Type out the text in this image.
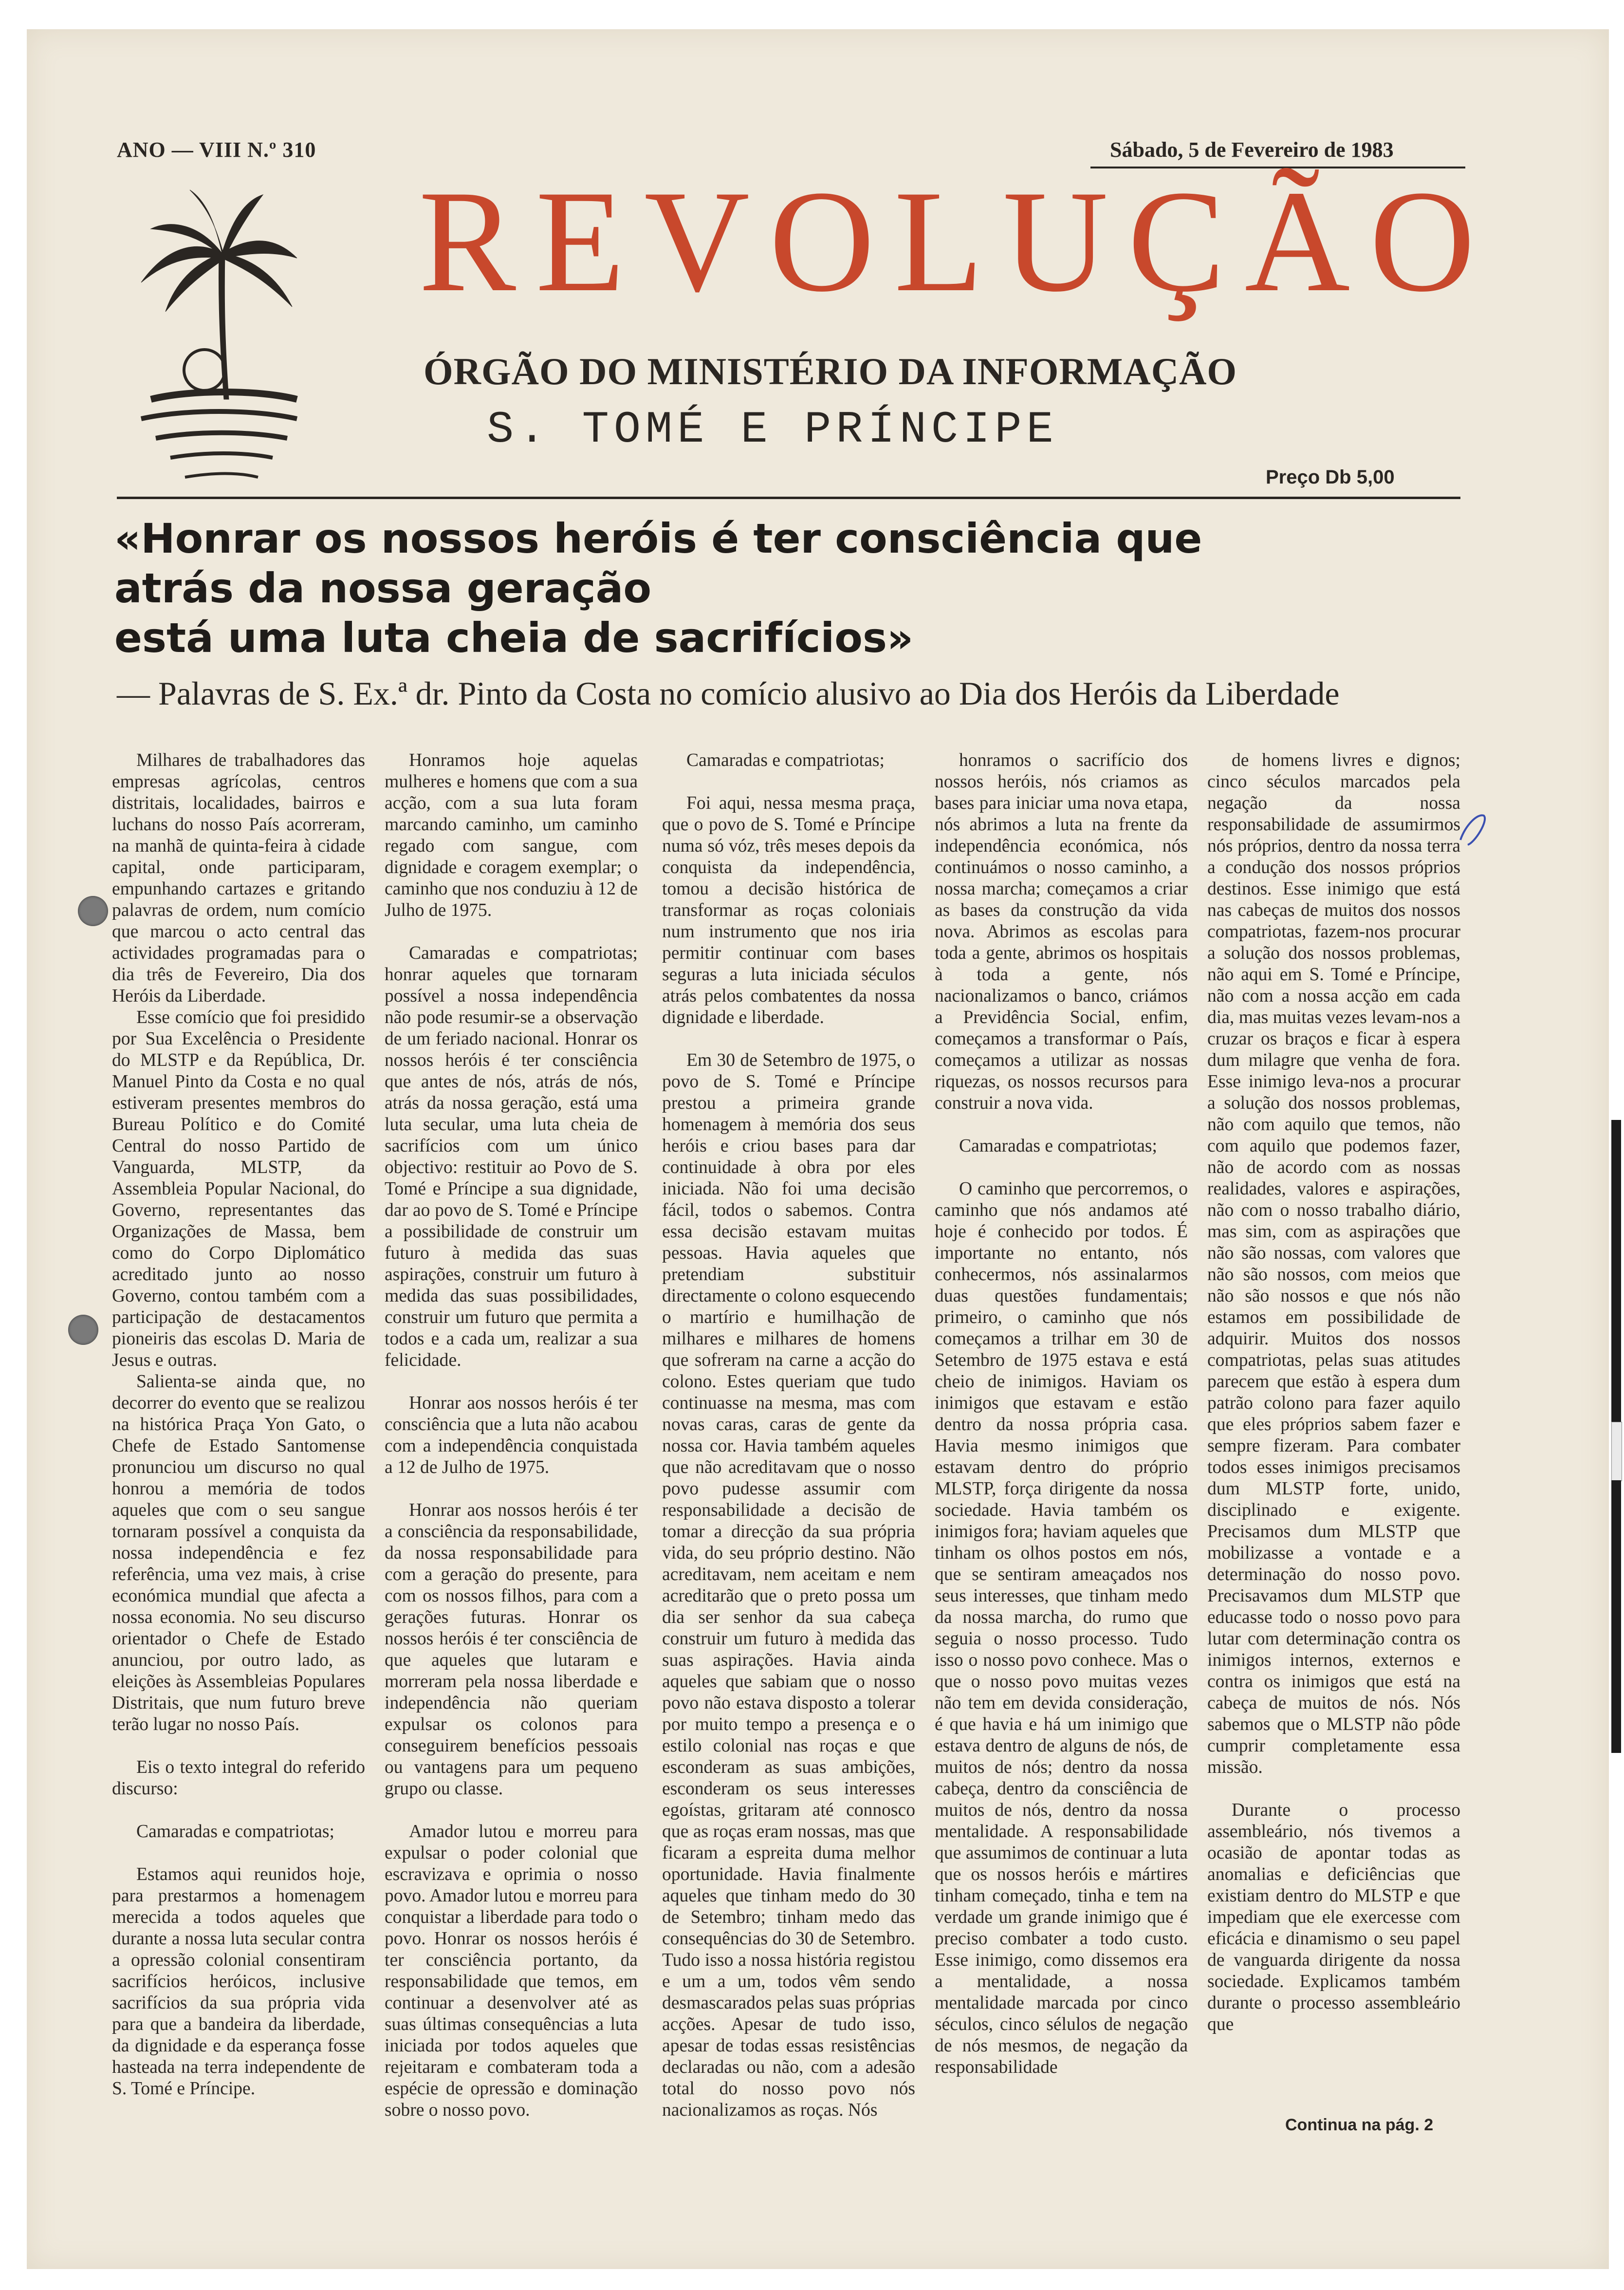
ANO — VIII N.º 310	Sábado, 5 de Fevereiro de 1983
REVOLUÇÃO
ÓRGÃO DO MINISTÉRIO DA INFORMAÇÃO
S. TOMÉ E PRÍNCIPE
Preço Db 5,00
«Honrar os nossos heróis é ter consciência que
atrás da nossa geração
está uma luta cheia de sacrifícios»
— Palavras de S. Ex.ª dr. Pinto da Costa no comício alusivo ao Dia dos Heróis da Liberdade

Milhares de trabalhadores das empresas agrícolas, centros distritais, localidades, bairros e luchans do nosso País acorreram, na manhã de quinta-feira à cidade capital, onde participaram, empunhando cartazes e gritando palavras de ordem, num comício que marcou o acto central das actividades programadas para o dia três de Fevereiro, Dia dos Heróis da Liberdade.

Esse comício que foi presidido por Sua Excelência o Presidente do MLSTP e da República, Dr. Manuel Pinto da Costa e no qual estiveram presentes membros do Bureau Político e do Comité Central do nosso Partido de Vanguarda, MLSTP, da Assembleia Popular Nacional, do Governo, representantes das Organizações de Massa, bem como do Corpo Diplomático acreditado junto ao nosso Governo, contou também com a participação de destacamentos pioneiris das escolas D. Maria de Jesus e outras.

Salienta-se ainda que, no decorrer do evento que se realizou na histórica Praça Yon Gato, o Chefe de Estado Santomense pronunciou um discurso no qual honrou a memória de todos aqueles que com o seu sangue tornaram possível a conquista da nossa independência e fez referência, uma vez mais, à crise económica mundial que afecta a nossa economia. No seu discurso orientador o Chefe de Estado anunciou, por outro lado, as eleições às Assembleias Populares Distritais, que num futuro breve terão lugar no nosso País.

Eis o texto integral do referido discurso:

Camaradas e compatriotas;

Estamos aqui reunidos hoje, para prestarmos a homenagem merecida a todos aqueles que durante a nossa luta secular contra a opressão colonial consentiram sacrifícios heróicos, inclusive sacrifícios da sua própria vida para que a bandeira da liberdade, da dignidade e da esperança fosse hasteada na terra independente de S. Tomé e Príncipe.

Honramos hoje aquelas mulheres e homens que com a sua acção, com a sua luta foram marcando caminho, um caminho regado com sangue, com dignidade e coragem exemplar; o caminho que nos conduziu à 12 de Julho de 1975.

Camaradas e compatriotas; honrar aqueles que tornaram possível a nossa independência não pode resumir-se a observação de um feriado nacional. Honrar os nossos heróis é ter consciência que antes de nós, atrás de nós, atrás da nossa geração, está uma luta secular, uma luta cheia de sacrifícios com um único objectivo: restituir ao Povo de S. Tomé e Príncipe a sua dignidade, dar ao povo de S. Tomé e Príncipe a possibilidade de construir um futuro à medida das suas aspirações, construir um futuro à medida das suas possibilidades, construir um futuro que permita a todos e a cada um, realizar a sua felicidade.

Honrar aos nossos heróis é ter consciência que a luta não acabou com a independência conquistada a 12 de Julho de 1975.

Honrar aos nossos heróis é ter a consciência da responsabilidade, da nossa responsabilidade para com a geração do presente, para com os nossos filhos, para com a gerações futuras. Honrar os nossos heróis é ter consciência de que aqueles que lutaram e morreram pela nossa liberdade e independência não queriam expulsar os colonos para conseguirem benefícios pessoais ou vantagens para um pequeno grupo ou classe.

Amador lutou e morreu para expulsar o poder colonial que escravizava e oprimia o nosso povo. Amador lutou e morreu para conquistar a liberdade para todo o povo. Honrar os nossos heróis é ter consciência portanto, da responsabilidade que temos, em continuar a desenvolver até as suas últimas consequências a luta iniciada por todos aqueles que rejeitaram e combateram toda a espécie de opressão e dominação sobre o nosso povo.

Camaradas e compatriotas;

Foi aqui, nessa mesma praça, que o povo de S. Tomé e Príncipe numa só vóz, três meses depois da conquista da independência, tomou a decisão histórica de transformar as roças coloniais num instrumento que nos iria permitir continuar com bases seguras a luta iniciada séculos atrás pelos combatentes da nossa dignidade e liberdade.

Em 30 de Setembro de 1975, o povo de S. Tomé e Príncipe prestou a primeira grande homenagem à memória dos seus heróis e criou bases para dar continuidade à obra por eles iniciada. Não foi uma decisão fácil, todos o sabemos. Contra essa decisão estavam muitas pessoas. Havia aqueles que pretendiam substituir directamente o colono esquecendo o martírio e humilhação de milhares e milhares de homens que sofreram na carne a acção do colono. Estes queriam que tudo continuasse na mesma, mas com novas caras, caras de gente da nossa cor. Havia também aqueles que não acreditavam que o nosso povo pudesse assumir com responsabilidade a decisão de tomar a direcção da sua própria vida, do seu próprio destino. Não acreditavam, nem aceitam e nem acreditarão que o preto possa um dia ser senhor da sua cabeça construir um futuro à medida das suas aspirações. Havia ainda aqueles que sabiam que o nosso povo não estava disposto a tolerar por muito tempo a presença e o estilo colonial nas roças e que esconderam as suas ambições, esconderam os seus interesses egoístas, gritaram até connosco que as roças eram nossas, mas que ficaram a espreita duma melhor oportunidade. Havia finalmente aqueles que tinham medo do 30 de Setembro; tinham medo das consequências do 30 de Setembro. Tudo isso a nossa história registou e um a um, todos vêm sendo desmascarados pelas suas próprias acções. Apesar de tudo isso, apesar de todas essas resistências declaradas ou não, com a adesão total do nosso povo nós nacionalizamos as roças. Nós

honramos o sacrifício dos nossos heróis, nós criamos as bases para iniciar uma nova etapa, nós abrimos a luta na frente da independência económica, nós continuámos o nosso caminho, a nossa marcha; começamos a criar as bases da construção da vida nova. Abrimos as escolas para toda a gente, abrimos os hospitais à toda a gente, nós nacionalizamos o banco, criámos a Previdência Social, enfim, começamos a transformar o País, começamos a utilizar as nossas riquezas, os nossos recursos para construir a nova vida.

Camaradas e compatriotas;

O caminho que percorremos, o caminho que nós andamos até hoje é conhecido por todos. É importante no entanto, nós conhecermos, nós assinalarmos duas questões fundamentais; primeiro, o caminho que nós começamos a trilhar em 30 de Setembro de 1975 estava e está cheio de inimigos. Haviam os inimigos que estavam e estão dentro da nossa própria casa. Havia mesmo inimigos que estavam dentro do próprio MLSTP, força dirigente da nossa sociedade. Havia também os inimigos fora; haviam aqueles que tinham os olhos postos em nós, que se sentiram ameaçados nos seus interesses, que tinham medo da nossa marcha, do rumo que seguia o nosso processo. Tudo isso o nosso povo conhece. Mas o que o nosso povo muitas vezes não tem em devida consideração, é que havia e há um inimigo que estava dentro de alguns de nós, de muitos de nós; dentro da nossa cabeça, dentro da consciência de muitos de nós, dentro da nossa mentalidade. A responsabilidade que assumimos de continuar a luta que os nossos heróis e mártires tinham começado, tinha e tem na verdade um grande inimigo que é preciso combater a todo custo. Esse inimigo, como dissemos era a mentalidade, a nossa mentalidade marcada por cinco séculos, cinco sélulos de negação de nós mesmos, de negação da responsabilidade

de homens livres e dignos; cinco séculos marcados pela negação da nossa responsabilidade de assumirmos nós próprios, dentro da nossa terra a condução dos nossos próprios destinos. Esse inimigo que está nas cabeças de muitos dos nossos compatriotas, fazem-nos procurar a solução dos nossos problemas, não aqui em S. Tomé e Príncipe, não com a nossa acção em cada dia, mas muitas vezes levam-nos a cruzar os braços e ficar à espera dum milagre que venha de fora. Esse inimigo leva-nos a procurar a solução dos nossos problemas, não com aquilo que temos, não com aquilo que podemos fazer, não de acordo com as nossas realidades, valores e aspirações, não com o nosso trabalho diário, mas sim, com as aspirações que não são nossas, com valores que não são nossos, com meios que não são nossos e que nós não estamos em possibilidade de adquirir. Muitos dos nossos compatriotas, pelas suas atitudes parecem que estão à espera dum patrão colono para fazer aquilo que eles próprios sabem fazer e sempre fizeram. Para combater todos esses inimigos precisamos dum MLSTP forte, unido, disciplinado e exigente. Precisamos dum MLSTP que mobilizasse a vontade e a determinação do nosso povo. Precisavamos dum MLSTP que educasse todo o nosso povo para lutar com determinação contra os inimigos internos, externos e contra os inimigos que está na cabeça de muitos de nós. Nós sabemos que o MLSTP não pôde cumprir completamente essa missão.

Durante o processo assembleário, nós tivemos a ocasião de apontar todas as anomalias e deficiências que existiam dentro do MLSTP e que impediam que ele exercesse com eficácia e dinamismo o seu papel de vanguarda dirigente da nossa sociedade. Explicamos também durante o processo assembleário que

Continua na pág. 2
